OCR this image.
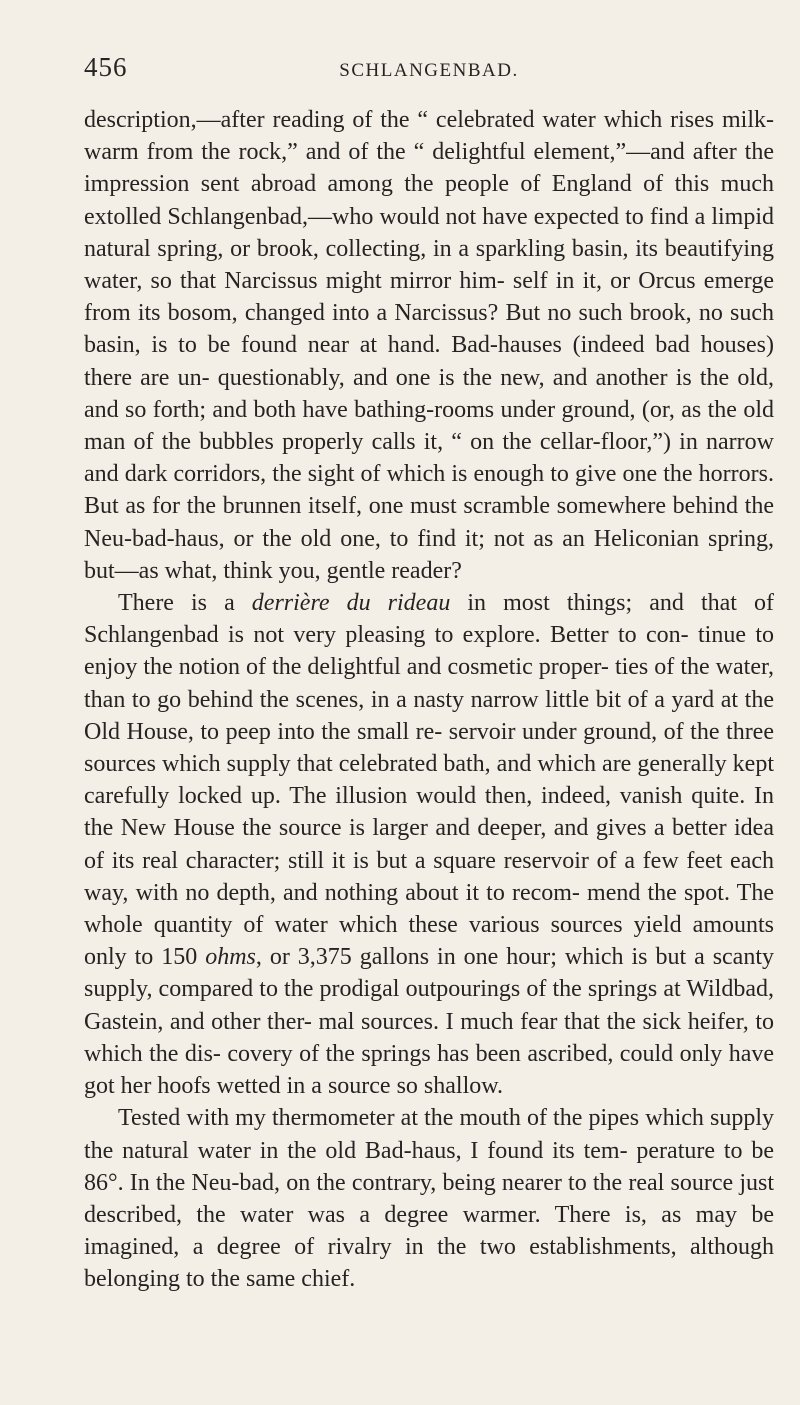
456	SCHLANGENBAD.

description,—after reading of the “ celebrated water which rises milk-warm from the rock,” and of the “ delightful element,”—and after the impression sent abroad among the people of England of this much extolled Schlangenbad,—who would not have expected to find a limpid natural spring, or brook, collecting, in a sparkling basin, its beautifying water, so that Narcissus might mirror him- self in it, or Orcus emerge from its bosom, changed into a Narcissus? But no such brook, no such basin, is to be found near at hand. Bad-hauses (indeed bad houses) there are un- questionably, and one is the new, and another is the old, and so forth; and both have bathing-rooms under ground, (or, as the old man of the bubbles properly calls it, “ on the cellar-floor,”) in narrow and dark corridors, the sight of which is enough to give one the horrors. But as for the brunnen itself, one must scramble somewhere behind the Neu-bad-haus, or the old one, to find it; not as an Heliconian spring, but—as what, think you, gentle reader?

There is a derrière du rideau in most things; and that of Schlangenbad is not very pleasing to explore. Better to con- tinue to enjoy the notion of the delightful and cosmetic proper- ties of the water, than to go behind the scenes, in a nasty narrow little bit of a yard at the Old House, to peep into the small re- servoir under ground, of the three sources which supply that celebrated bath, and which are generally kept carefully locked up. The illusion would then, indeed, vanish quite. In the New House the source is larger and deeper, and gives a better idea of its real character; still it is but a square reservoir of a few feet each way, with no depth, and nothing about it to recom- mend the spot. The whole quantity of water which these various sources yield amounts only to 150 ohms, or 3,375 gallons in one hour; which is but a scanty supply, compared to the prodigal outpourings of the springs at Wildbad, Gastein, and other ther- mal sources. I much fear that the sick heifer, to which the dis- covery of the springs has been ascribed, could only have got her hoofs wetted in a source so shallow.

Tested with my thermometer at the mouth of the pipes which supply the natural water in the old Bad-haus, I found its tem- perature to be 86°. In the Neu-bad, on the contrary, being nearer to the real source just described, the water was a degree warmer. There is, as may be imagined, a degree of rivalry in the two establishments, although belonging to the same chief.
